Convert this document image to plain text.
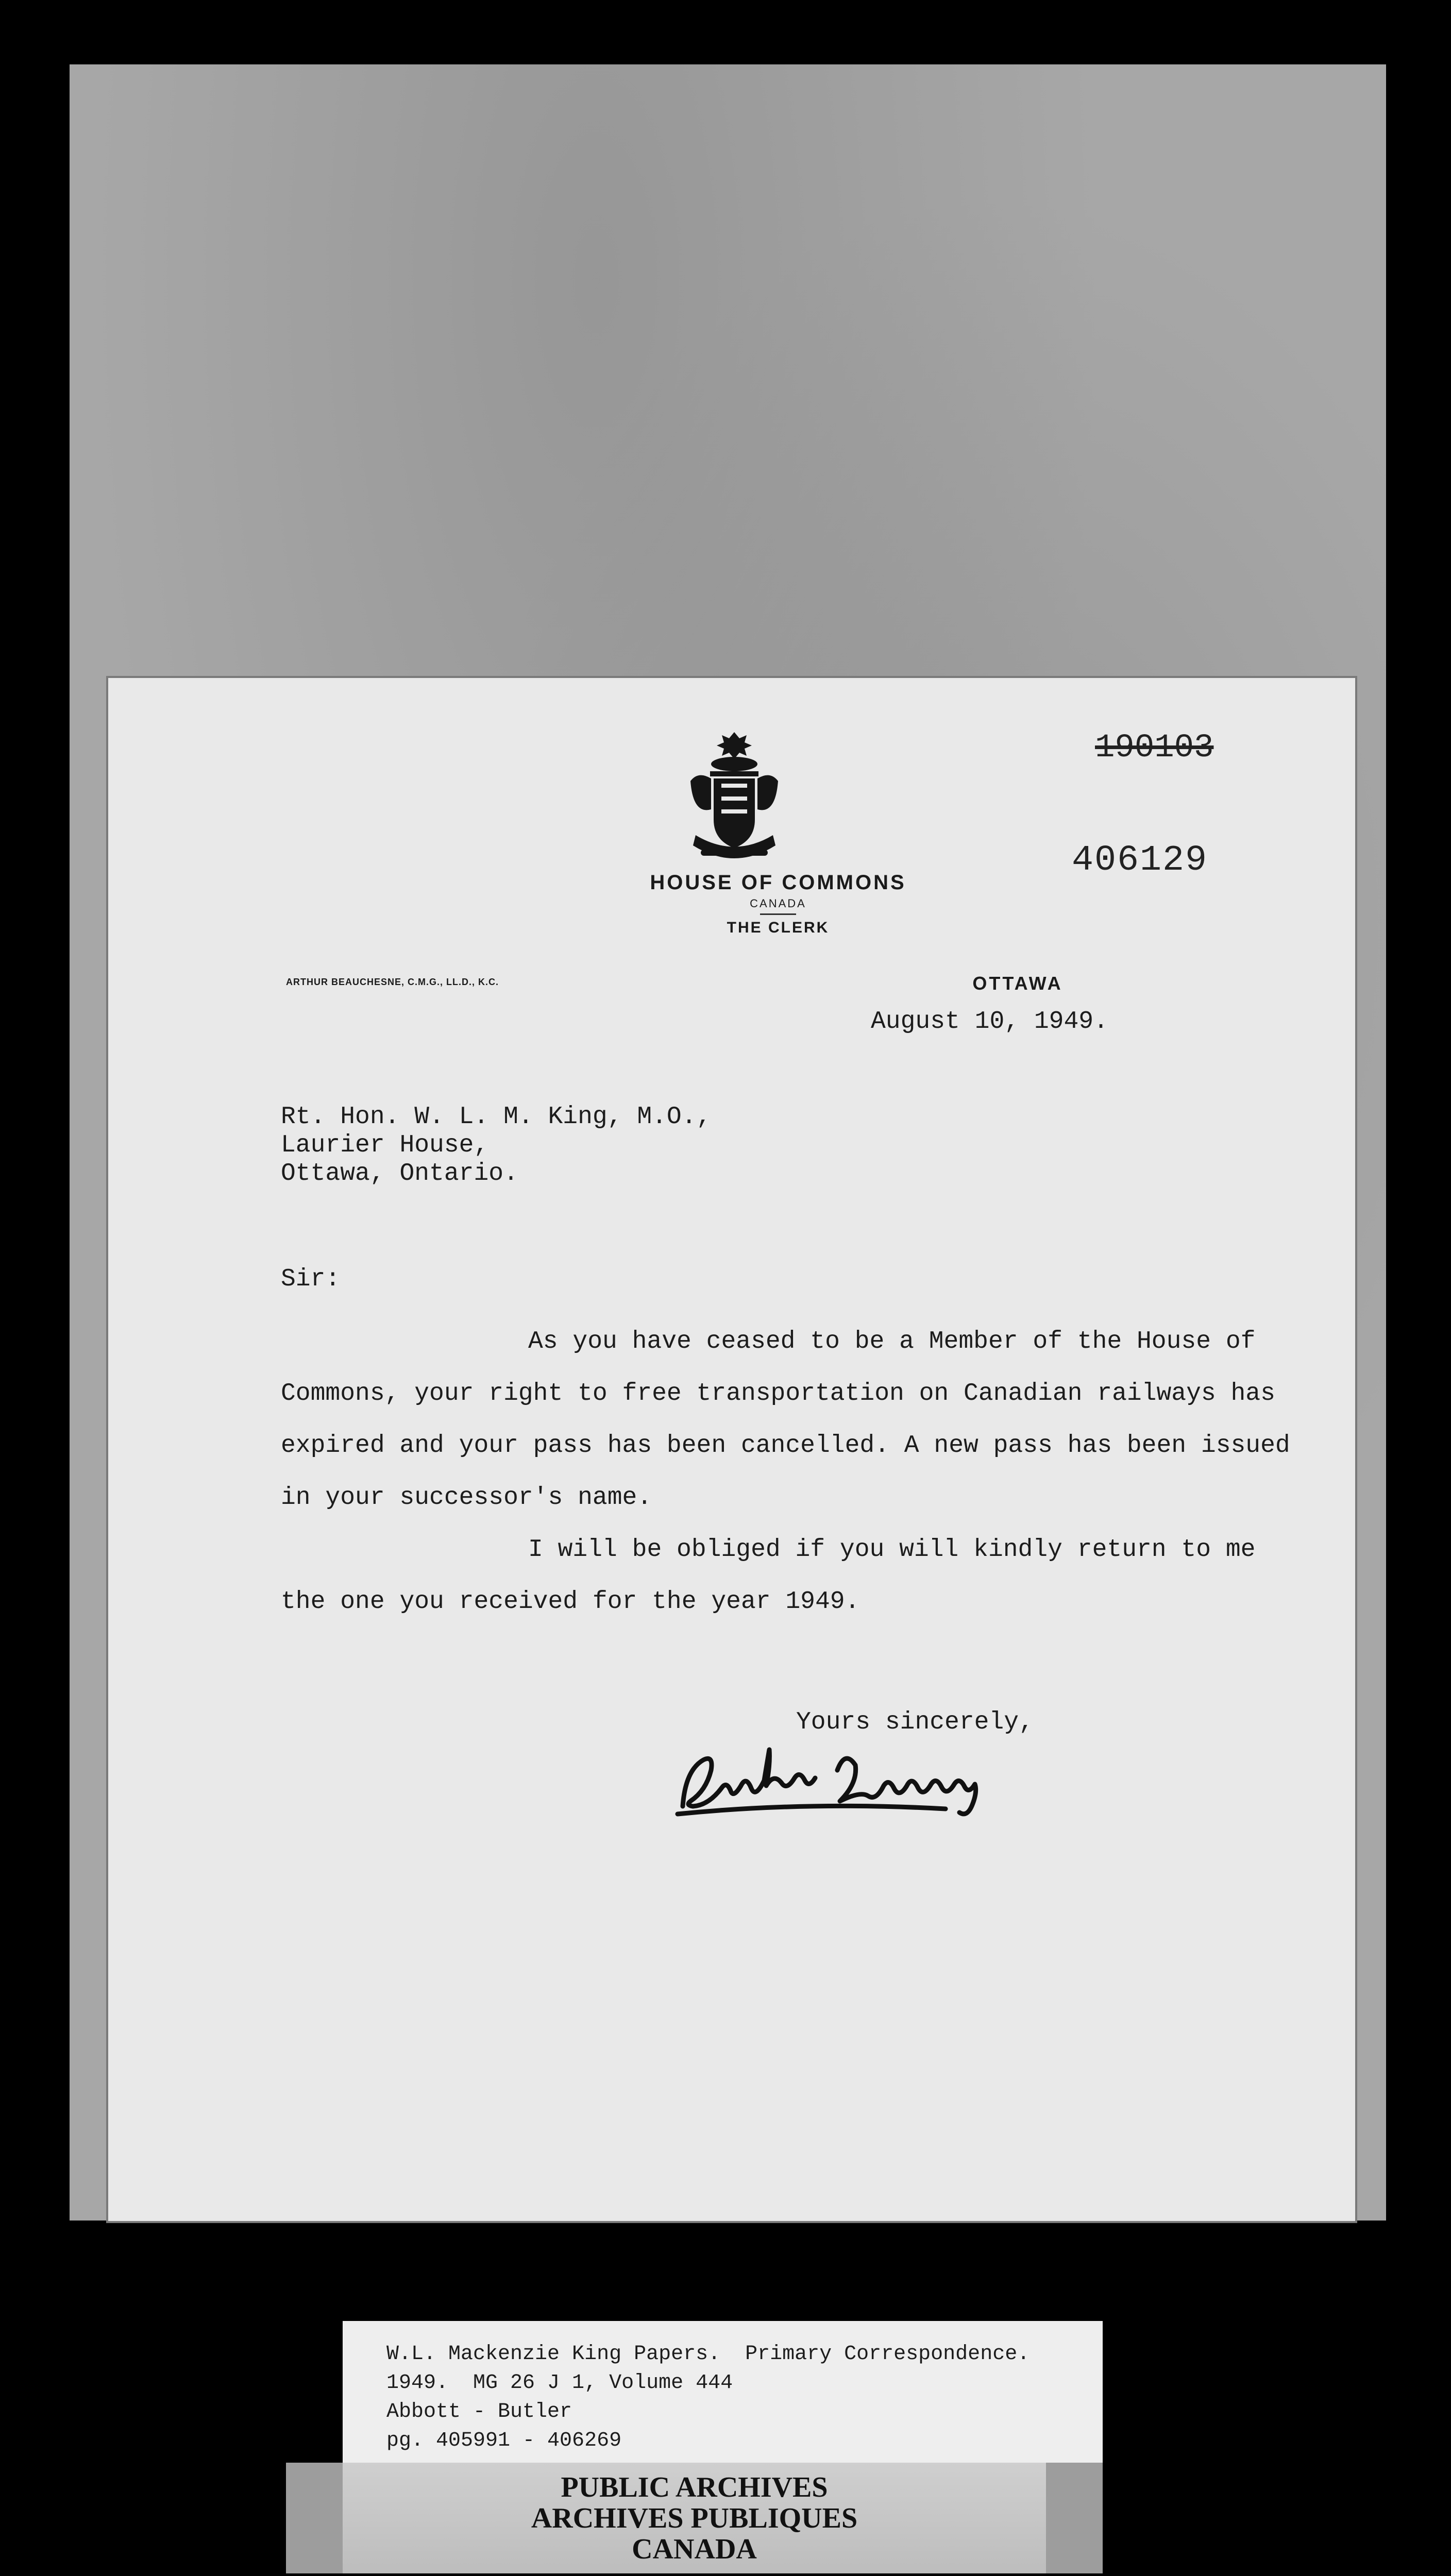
HOUSE OF COMMONS
CANADA
THE CLERK
ARTHUR BEAUCHESNE, C.M.G., LL.D., K.C.	OTTAWA
190103
406129
August 10, 1949.
Rt. Hon. W. L. M. King, M.O.,
Laurier House,
Ottawa, Ontario.
Sir:
As you have ceased to be a Member of the House of Commons, your right to free transportation on Canadian railways has expired and your pass has been cancelled. A new pass has been issued in your successor's name.
I will be obliged if you will kindly return to me the one you received for the year 1949.
Yours sincerely,
W.L. Mackenzie King Papers.  Primary Correspondence.
1949.  MG 26 J 1, Volume 444
Abbott - Butler
pg. 405991 - 406269
PUBLIC ARCHIVES
ARCHIVES PUBLIQUES
CANADA
